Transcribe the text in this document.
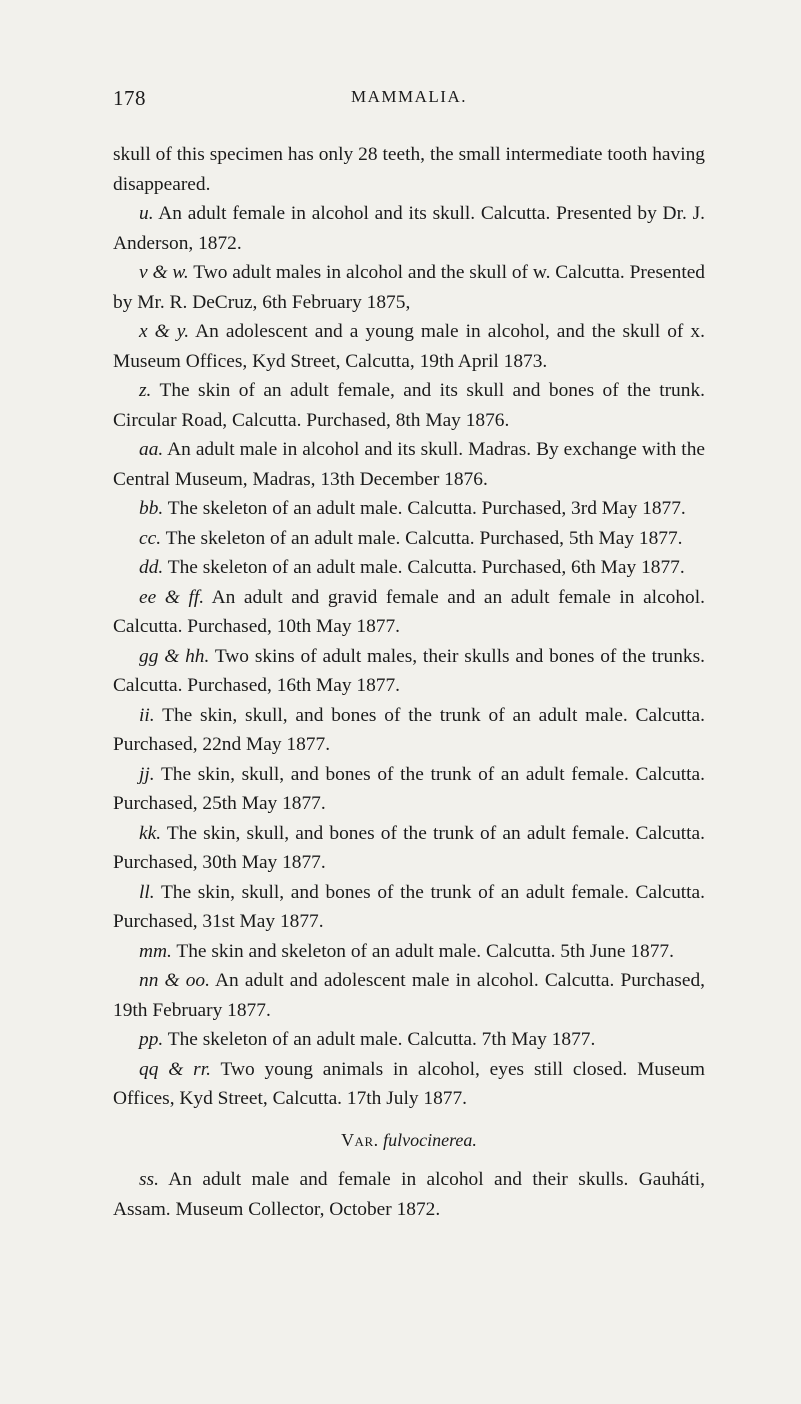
178	MAMMALIA.

skull of this specimen has only 28 teeth, the small intermediate tooth having disappeared.

u. An adult female in alcohol and its skull. Calcutta. Presented by Dr. J. Anderson, 1872.

v & w. Two adult males in alcohol and the skull of w. Calcutta. Presented by Mr. R. DeCruz, 6th February 1875,

x & y. An adolescent and a young male in alcohol, and the skull of x. Museum Offices, Kyd Street, Calcutta, 19th April 1873.

z. The skin of an adult female, and its skull and bones of the trunk. Circular Road, Calcutta. Purchased, 8th May 1876.

aa. An adult male in alcohol and its skull. Madras. By exchange with the Central Museum, Madras, 13th December 1876.

bb. The skeleton of an adult male. Calcutta. Purchased, 3rd May 1877.

cc. The skeleton of an adult male. Calcutta. Purchased, 5th May 1877.

dd. The skeleton of an adult male. Calcutta. Purchased, 6th May 1877.

ee & ff. An adult and gravid female and an adult female in alcohol. Calcutta. Purchased, 10th May 1877.

gg & hh. Two skins of adult males, their skulls and bones of the trunks. Calcutta. Purchased, 16th May 1877.

ii. The skin, skull, and bones of the trunk of an adult male. Calcutta. Purchased, 22nd May 1877.

jj. The skin, skull, and bones of the trunk of an adult female. Calcutta. Purchased, 25th May 1877.

kk. The skin, skull, and bones of the trunk of an adult female. Calcutta. Purchased, 30th May 1877.

ll. The skin, skull, and bones of the trunk of an adult female. Calcutta. Purchased, 31st May 1877.

mm. The skin and skeleton of an adult male. Calcutta. 5th June 1877.

nn & oo. An adult and adolescent male in alcohol. Calcutta. Purchased, 19th February 1877.

pp. The skeleton of an adult male. Calcutta. 7th May 1877.

qq & rr. Two young animals in alcohol, eyes still closed. Museum Offices, Kyd Street, Calcutta. 17th July 1877.

Var. fulvocinerea.

ss. An adult male and female in alcohol and their skulls. Gauháti, Assam. Museum Collector, October 1872.
